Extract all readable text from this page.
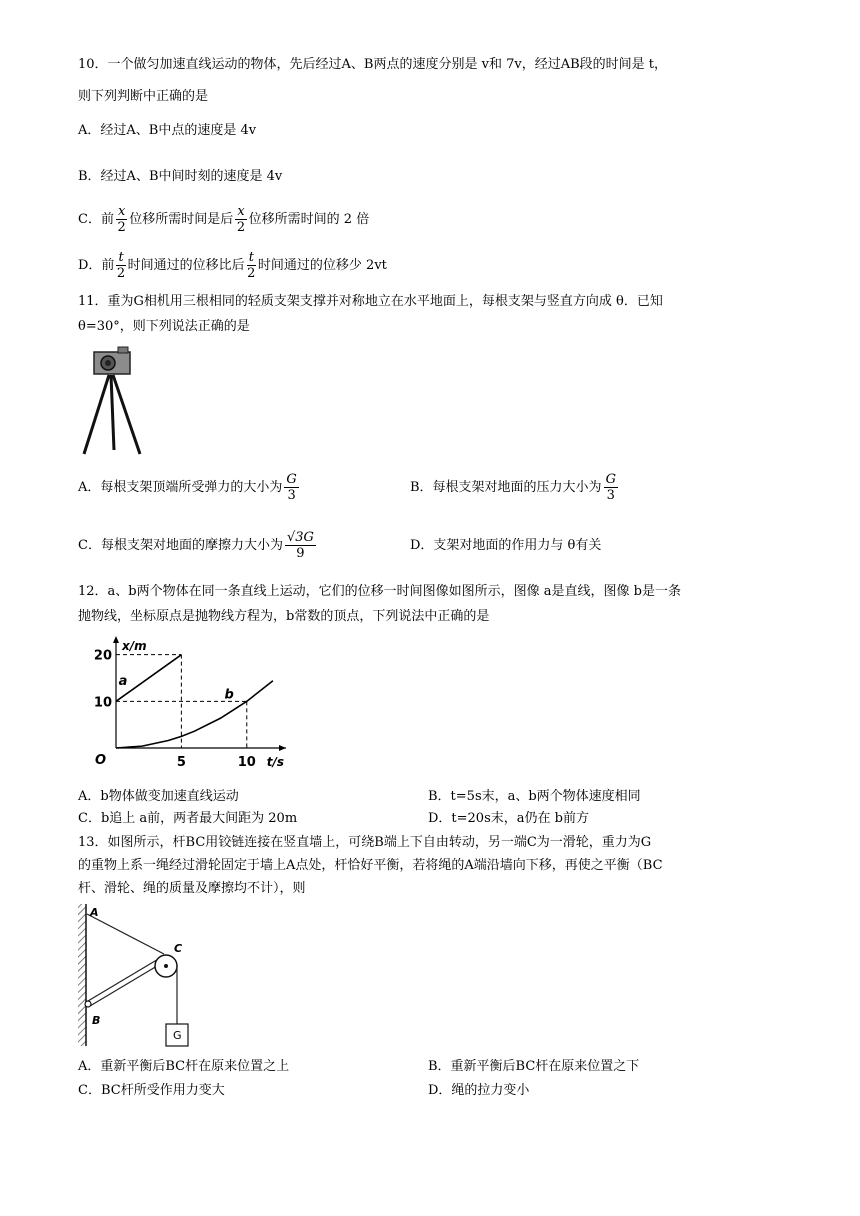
10．一个做匀加速直线运动的物体，先后经过A、B两点的速度分别是 v和 7v，经过AB段的时间是 t，
则下列判断中正确的是
A．经过A、B中点的速度是 4v
B．经过A、B中间时刻的速度是 4v
C．前 $\frac{x}{2}$ 位移所需时间是后 $\frac{x}{2}$ 位移所需时间的 2 倍
D．前 $\frac{t}{2}$ 时间通过的位移比后 $\frac{t}{2}$ 时间通过的位移少 2vt
11．重为G相机用三根相同的轻质支架支撑并对称地立在水平地面上，每根支架与竖直方向成 θ．已知
θ=30°，则下列说法正确的是
A．每根支架顶端所受弹力的大小为 $\frac{G}{3}$	B．每根支架对地面的压力大小为 $\frac{G}{3}$
C．每根支架对地面的摩擦力大小为 $\frac{√3G}{9}$	D．支架对地面的作用力与 θ有关
12．a、b两个物体在同一条直线上运动，它们的位移一时间图像如图所示，图像 a是直线，图像 b是一条
抛物线，坐标原点是抛物线方程为，b常数的顶点，下列说法中正确的是
a
b
20
10
5	10
O
x/m
t/s
A．b物体做变加速直线运动	B．t=5s末，a、b两个物体速度相同
C．b追上 a前，两者最大间距为 20m	D．t=20s末，a仍在 b前方
13．如图所示，杆BC用铰链连接在竖直墙上，可绕B端上下自由转动，另一端C为一滑轮，重力为G
的重物上系一绳经过滑轮固定于墙上A点处，杆恰好平衡，若将绳的A端沿墙向下移，再使之平衡（BC
杆、滑轮、绳的质量及摩擦均不计），则
A
B
C
G
A．重新平衡后BC杆在原来位置之上	B．重新平衡后BC杆在原来位置之下
C．BC杆所受作用力变大	D．绳的拉力变小
